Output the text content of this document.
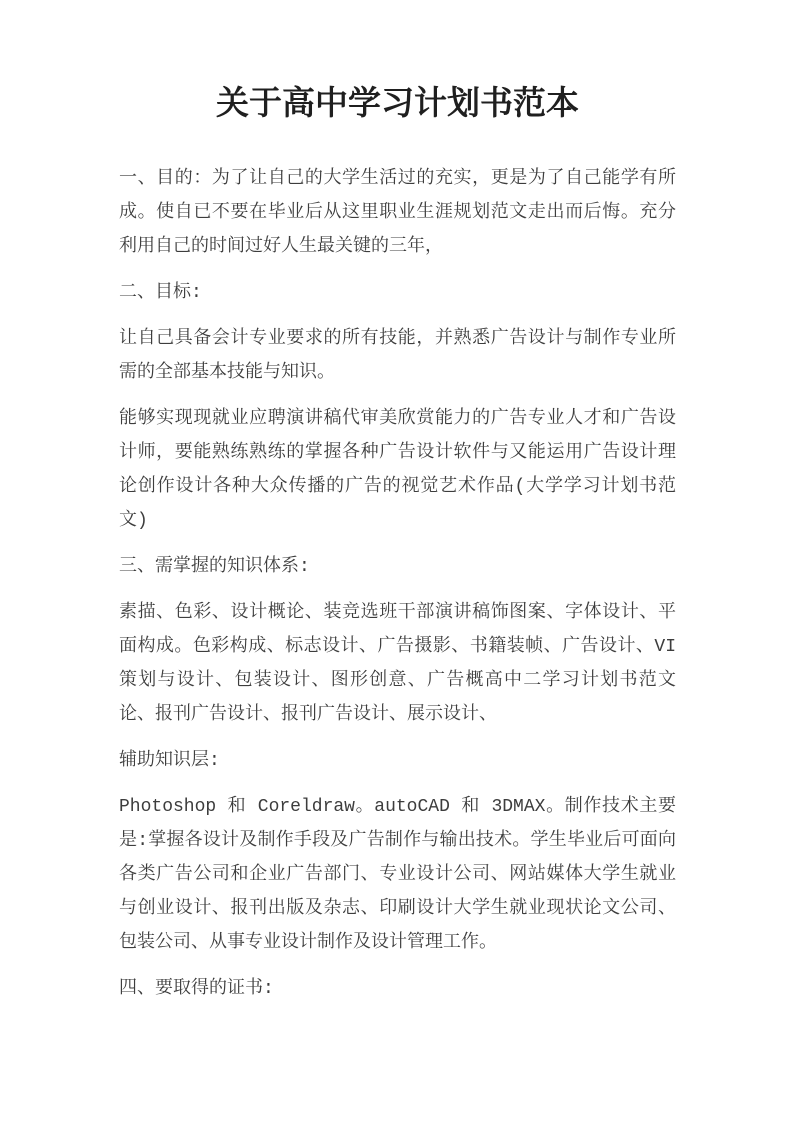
关于高中学习计划书范本

一、目的：为了让自己的大学生活过的充实，更是为了自己能学有所成。使自已不要在毕业后从这里职业生涯规划范文走出而后悔。充分利用自己的时间过好人生最关键的三年，

二、目标:

让自己具备会计专业要求的所有技能，并熟悉广告设计与制作专业所需的全部基本技能与知识。

能够实现现就业应聘演讲稿代审美欣赏能力的广告专业人才和广告设计师，要能熟练熟练的掌握各种广告设计软件与又能运用广告设计理论创作设计各种大众传播的广告的视觉艺术作品(大学学习计划书范文)

三、需掌握的知识体系:

素描、色彩、设计概论、装竞选班干部演讲稿饰图案、字体设计、平面构成。色彩构成、标志设计、广告摄影、书籍装帧、广告设计、VI 策划与设计、包装设计、图形创意、广告概高中二学习计划书范文论、报刊广告设计、报刊广告设计、展示设计、

辅助知识层:

Photoshop 和 Coreldraw。autoCAD 和 3DMAX。制作技术主要是:掌握各设计及制作手段及广告制作与输出技术。学生毕业后可面向各类广告公司和企业广告部门、专业设计公司、网站媒体大学生就业与创业设计、报刊出版及杂志、印刷设计大学生就业现状论文公司、包装公司、从事专业设计制作及设计管理工作。

四、要取得的证书:
